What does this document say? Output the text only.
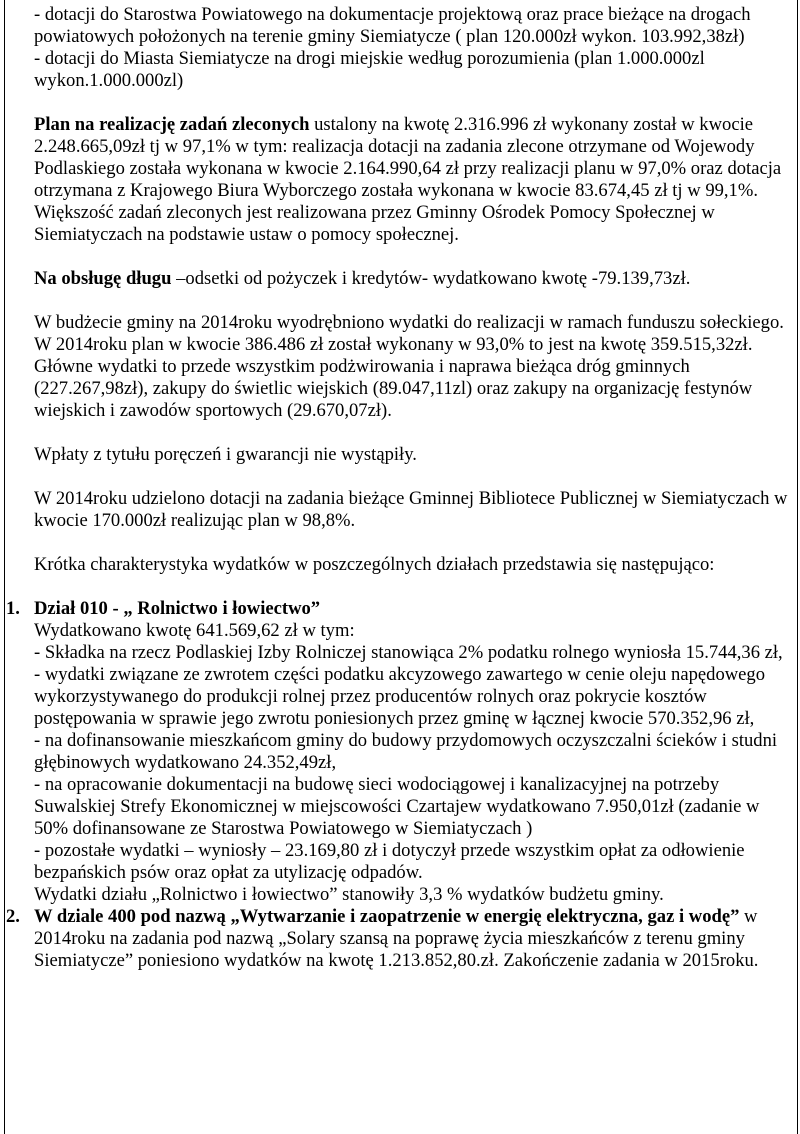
- dotacji do Starostwa Powiatowego na dokumentacje projektową oraz prace bieżące na drogach powiatowych położonych na terenie gminy Siemiatycze ( plan 120.000zł wykon. 103.992,38zł)

- dotacji do Miasta Siemiatycze na drogi miejskie według porozumienia (plan 1.000.000zl wykon.1.000.000zl)

Plan na realizację zadań zleconych ustalony na kwotę 2.316.996 zł wykonany został w kwocie 2.248.665,09zł tj w 97,1% w tym: realizacja dotacji na zadania zlecone otrzymane od Wojewody Podlaskiego została wykonana w kwocie 2.164.990,64 zł przy realizacji planu w 97,0% oraz dotacja otrzymana z Krajowego Biura Wyborczego została wykonana w kwocie 83.674,45 zł tj w 99,1%.

Większość zadań zleconych jest realizowana przez Gminny Ośrodek Pomocy Społecznej w Siemiatyczach na podstawie ustaw o pomocy społecznej.

Na obsługę długu –odsetki od pożyczek i kredytów- wydatkowano kwotę -79.139,73zł.

W budżecie gminy na 2014roku wyodrębniono wydatki do realizacji w ramach funduszu sołeckiego. W 2014roku plan w kwocie 386.486 zł został wykonany w 93,0% to jest na kwotę 359.515,32zł. Główne wydatki to przede wszystkim podżwirowania i naprawa bieżąca dróg gminnych (227.267,98zł), zakupy do świetlic wiejskich (89.047,11zl) oraz zakupy na organizację festynów wiejskich i zawodów sportowych (29.670,07zł).

Wpłaty z tytułu poręczeń i gwarancji nie wystąpiły.

W 2014roku udzielono dotacji na zadania bieżące Gminnej Bibliotece Publicznej w Siemiatyczach w kwocie 170.000zł realizując plan w 98,8%.

Krótka charakterystyka wydatków w poszczególnych działach przedstawia się następująco:

1. Dział 010 - „ Rolnictwo i łowiectwo”

Wydatkowano kwotę 641.569,62 zł w tym:

- Składka na rzecz Podlaskiej Izby Rolniczej stanowiąca 2% podatku rolnego wyniosła 15.744,36 zł,

- wydatki związane ze zwrotem części podatku akcyzowego zawartego w cenie oleju napędowego wykorzystywanego do produkcji rolnej przez producentów rolnych oraz pokrycie kosztów postępowania w sprawie jego zwrotu poniesionych przez gminę w łącznej kwocie 570.352,96 zł,

- na dofinansowanie mieszkańcom gminy do budowy przydomowych oczyszczalni ścieków i studni głębinowych wydatkowano 24.352,49zł,

- na opracowanie dokumentacji na budowę sieci wodociągowej i kanalizacyjnej na potrzeby Suwalskiej Strefy Ekonomicznej w miejscowości Czartajew wydatkowano 7.950,01zł (zadanie w 50% dofinansowane ze Starostwa Powiatowego w Siemiatyczach )

- pozostałe wydatki – wyniosły – 23.169,80 zł i dotyczył przede wszystkim opłat za odłowienie bezpańskich psów oraz opłat za utylizację odpadów.

Wydatki działu „Rolnictwo i łowiectwo” stanowiły 3,3 % wydatków budżetu gminy.

2. W dziale 400 pod nazwą „Wytwarzanie i zaopatrzenie w energię elektryczna, gaz i wodę” w 2014roku na zadania pod nazwą „Solary szansą na poprawę życia mieszkańców z terenu gminy Siemiatycze” poniesiono wydatków na kwotę 1.213.852,80.zł. Zakończenie zadania w 2015roku.
